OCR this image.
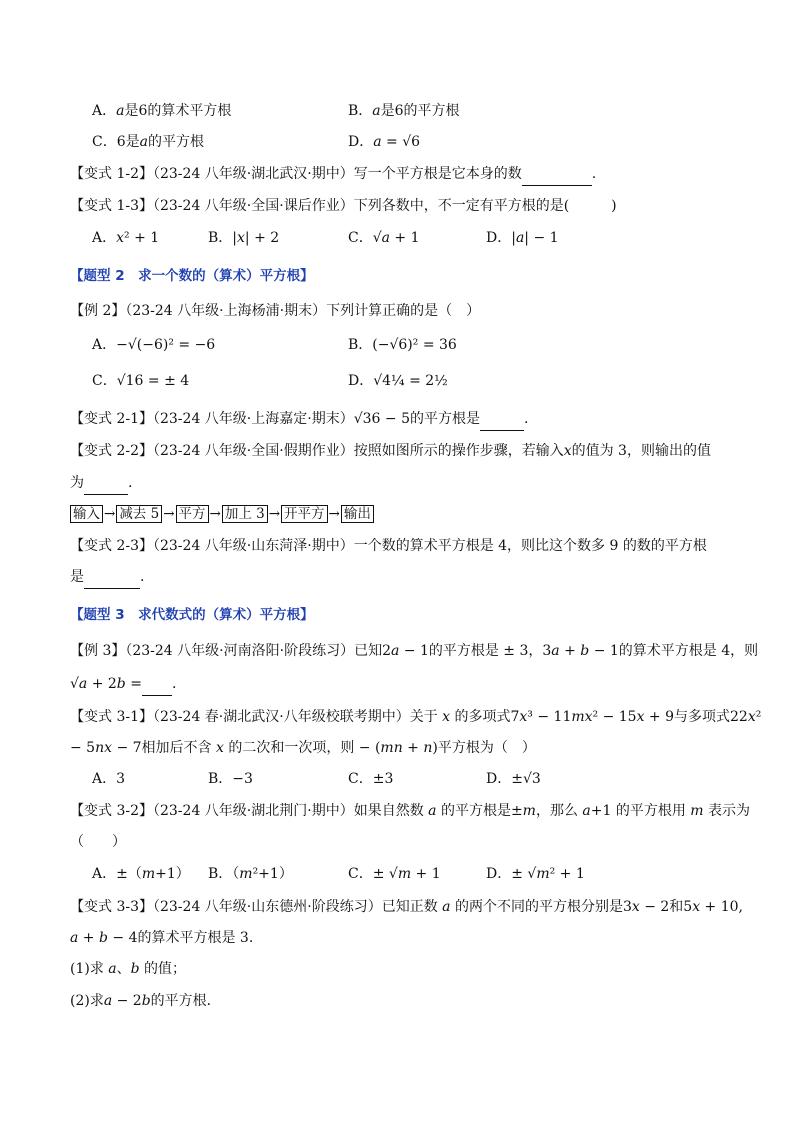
A．𝑎是6的算术平方根	B．𝑎是6的平方根
C．6是𝑎的平方根	D．𝑎 = √6
【变式 1-2】（23-24 八年级·湖北武汉·期中）写一个平方根是它本身的数	.
【变式 1-3】（23-24 八年级·全国·课后作业）下列各数中，不一定有平方根的是(　　　)
A．𝑥² + 1	B．|𝑥| + 2	C．√𝑎 + 1	D．|𝑎| − 1
【题型 2　求一个数的（算术）平方根】
【例 2】（23-24 八年级·上海杨浦·期末）下列计算正确的是（　）
A．−√(−6)² = −6	B．(−√6)² = 36
C．√16 = ± 4	D．√4¼ = 2½
【变式 2-1】（23-24 八年级·上海嘉定·期末）√36 − 5的平方根是	.
【变式 2-2】（23-24 八年级·全国·假期作业）按照如图所示的操作步骤，若输入𝑥的值为 3，则输出的值
为	.
输入 → 减去 5 → 平方 → 加上 3 → 开平方 → 输出
【变式 2-3】（23-24 八年级·山东菏泽·期中）一个数的算术平方根是 4，则比这个数多 9 的数的平方根
是	.
【题型 3　求代数式的（算术）平方根】
【例 3】（23-24 八年级·河南洛阳·阶段练习）已知2𝑎 − 1的平方根是 ± 3，3𝑎 + 𝑏 − 1的算术平方根是 4，则
√𝑎 + 2𝑏 = .
【变式 3-1】（23-24 春·湖北武汉·八年级校联考期中）关于 𝑥 的多项式7𝑥³ − 11𝑚𝑥² − 15𝑥 + 9与多项式22𝑥²
− 5𝑛𝑥 − 7相加后不含 𝑥 的二次和一次项，则 − (𝑚𝑛 + 𝑛)平方根为（　）
A．3	B．−3	C．±3	D．±√3
【变式 3-2】（23-24 八年级·湖北荆门·期中）如果自然数 𝑎 的平方根是±𝑚，那么 𝑎+1 的平方根用 𝑚 表示为
（　　）
A．±（𝑚+1） B．（𝑚²+1）	C．± √𝑚 + 1	D．± √𝑚² + 1
【变式 3-3】（23-24 八年级·山东德州·阶段练习）已知正数 𝑎 的两个不同的平方根分别是3𝑥 − 2和5𝑥 + 10,
𝑎 + 𝑏 − 4的算术平方根是 3.
(1)求 𝑎、𝑏 的值；
(2)求𝑎 − 2𝑏的平方根．
